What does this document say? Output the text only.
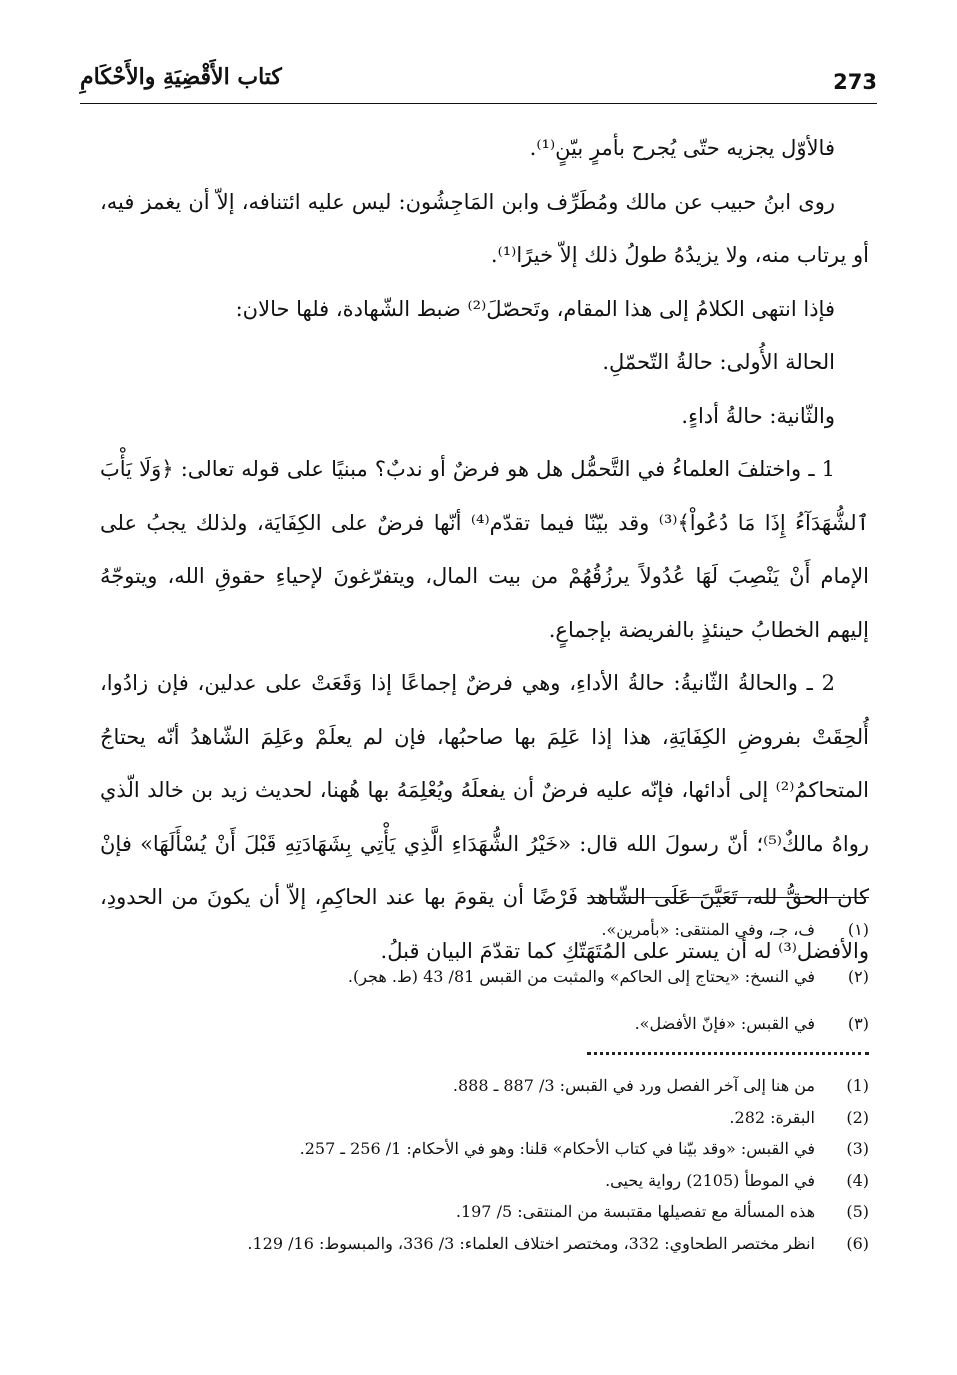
273
كتاب الأَقْضِيَةِ والأَحْكَامِ

فالأوّل يجزيه حتّى يُجرح بأمرٍ بيّنٍ⁽¹⁾.

روى ابنُ حبيب عن مالك ومُطَرِّف وابن المَاجِشُون: ليس عليه ائتنافه، إلاّ أن يغمز فيه، أو يرتاب منه، ولا يزيدُهُ طولُ ذلك إلاّ خيرًا⁽¹⁾.

فإذا انتهى الكلامُ إلى هذا المقام، وتَحصّلَ⁽²⁾ ضبط الشّهادة، فلها حالان:

الحالة الأُولى: حالةُ التّحمّلِ.

والثّانية: حالةُ أداءٍ.

1 ـ واختلفَ العلماءُ في التَّحمُّل هل هو فرضٌ أو ندبٌ؟ مبنيًا على قوله تعالى: ﴿وَلَا يَأْبَ ٱلشُّهَدَآءُ إِذَا مَا دُعُواْ﴾⁽³⁾ وقد بيّنّا فيما تقدّم⁽⁴⁾ أنّها فرضٌ على الكِفَايَة، ولذلك يجبُ على الإمام أَنْ يَنْصِبَ لَهَا عُدُولاً يرزُقُهُمْ من بيت المال، ويتفرّغونَ لإحياءِ حقوقِ الله، ويتوجّهُ إليهم الخطابُ حينئذٍ بالفريضة بإجماعٍ.

2 ـ والحالةُ الثّانيةُ: حالةُ الأداءِ، وهي فرضٌ إجماعًا إذا وَقَعَتْ على عدلين، فإن زادُوا، أُلحِقَتْ بفروضِ الكِفَايَةِ، هذا إذا عَلِمَ بها صاحبُها، فإن لم يعلَمْ وعَلِمَ الشّاهدُ أنّه يحتاجُ المتحاكمُ⁽²⁾ إلى أدائها، فإنّه عليه فرضٌ أن يفعلَهُ ويُعْلِمَهُ بها هُهنا، لحديث زيد بن خالد الّذي رواهُ مالكٌ⁽⁵⁾؛ أنّ رسولَ الله قال: «خَيْرُ الشُّهَدَاءِ الَّذِي يَأْتِي بِشَهَادَتِهِ قَبْلَ أَنْ يُسْأَلَهَا» فإنْ كان الحقُّ لله، تَعَيَّنَ عَلَى الشّاهد فَرْضًا أن يقومَ بها عند الحاكِمِ، إلاّ أن يكونَ من الحدودِ، والأفضل⁽³⁾ له أن يستر على المُتَهَتّكِ كما تقدّمَ البيان قبلُ.

(١)
ف، جـ، وفي المنتقى: «بأمرين».
(٢)
في النسخ: «يحتاج إلى الحاكم» والمثبت من القبس 81/ 43 (ط. هجر).
(٣)
في القبس: «فإنّ الأفضل».
(1)
من هنا إلى آخر الفصل ورد في القبس: 3/ 887 ـ 888.
(2)
البقرة: 282.
(3)
في القبس: «وقد بيّنا في كتاب الأحكام» قلنا: وهو في الأحكام: 1/ 256 ـ 257.
(4)
في الموطأ (2105) رواية يحيى.
(5)
هذه المسألة مع تفصيلها مقتبسة من المنتقى: 5/ 197.
(6)
انظر مختصر الطحاوي: 332، ومختصر اختلاف العلماء: 3/ 336، والمبسوط: 16/ 129.
